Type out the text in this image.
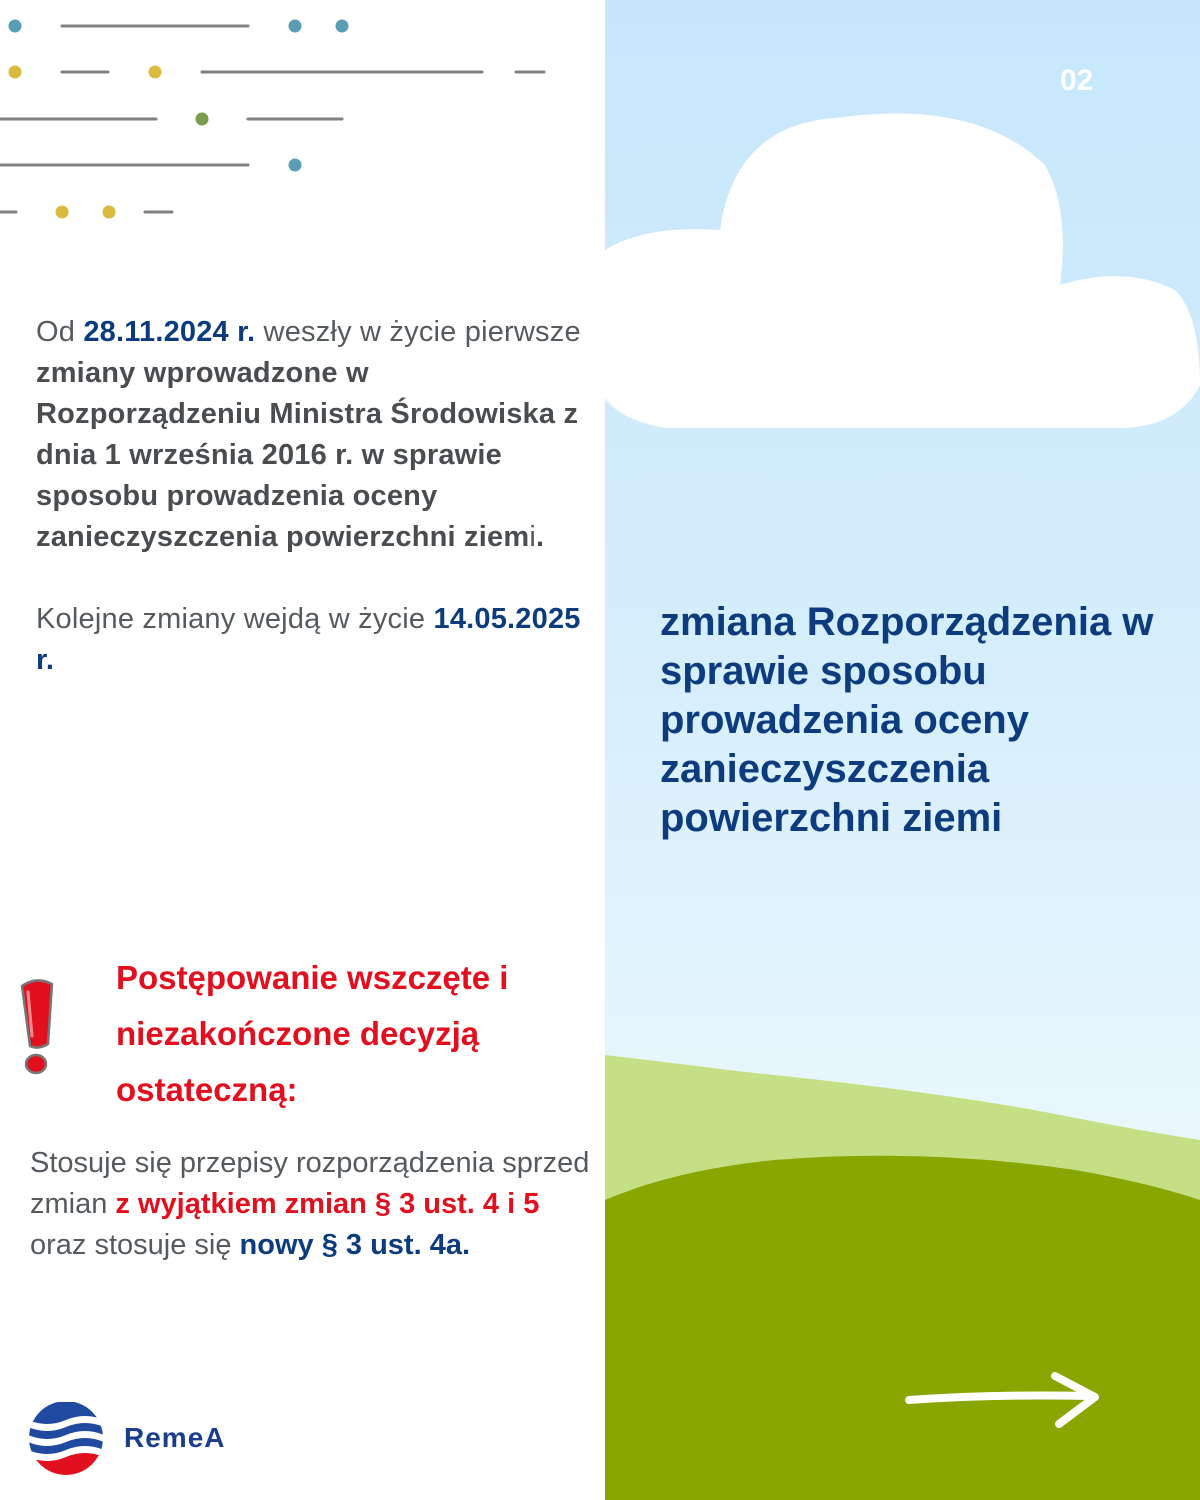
Od 28.11.2024 r. weszły w życie pierwsze zmiany wprowadzone w Rozporządzeniu Ministra Środowiska z dnia 1 września 2016 r. w sprawie sposobu prowadzenia oceny zanieczyszczenia powierzchni ziemi.

Kolejne zmiany wejdą w życie 14.05.2025 r.

Postępowanie wszczęte i niezakończone decyzją ostateczną:

Stosuje się przepisy rozporządzenia sprzed zmian z wyjątkiem zmian § 3 ust. 4 i 5 oraz stosuje się nowy § 3 ust. 4a.

RemeA
02
zmiana Rozporządzenia w sprawie sposobu prowadzenia oceny zanieczyszczenia powierzchni ziemi
